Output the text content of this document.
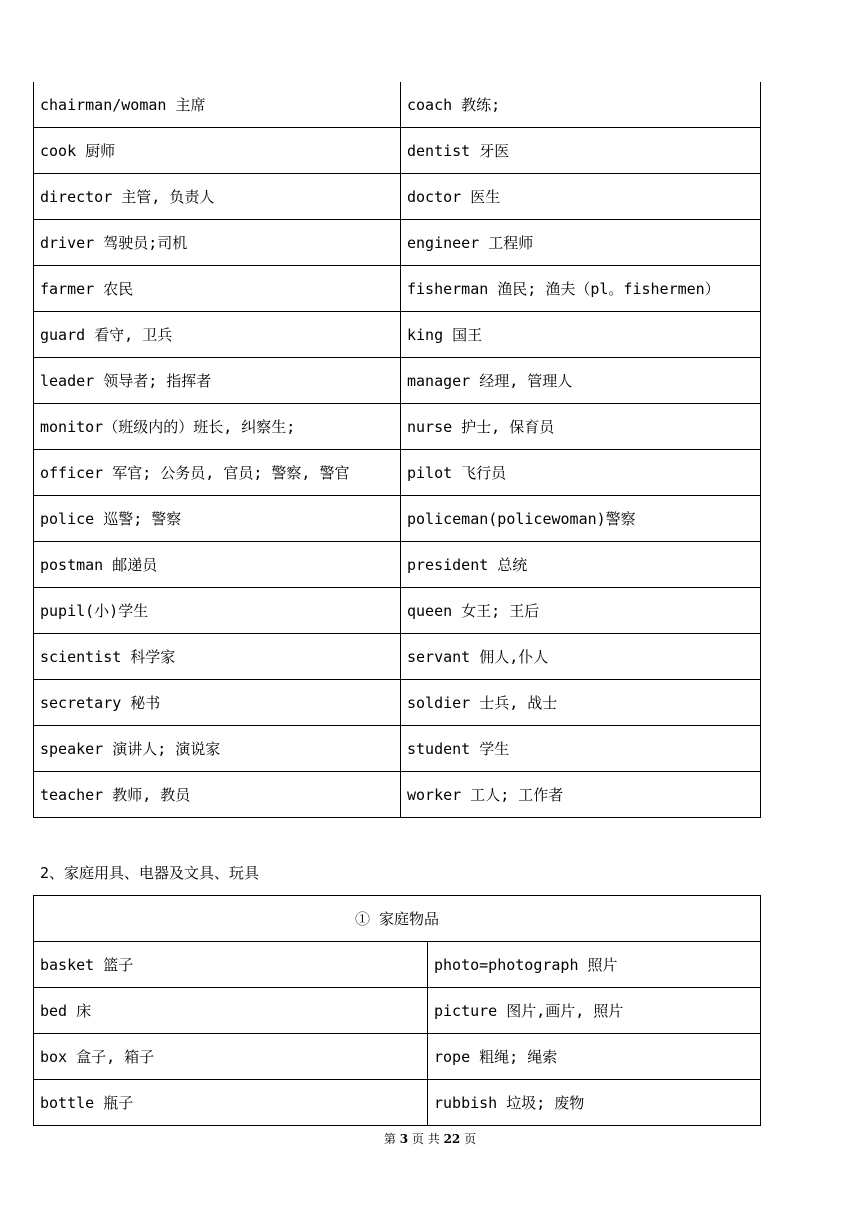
chairman/woman 主席	coach 教练;
cook 厨师	dentist 牙医
director 主管, 负责人	doctor 医生
driver 驾驶员;司机	engineer 工程师
farmer 农民	fisherman 渔民; 渔夫（pl。fishermen）
guard 看守, 卫兵	king 国王
leader 领导者; 指挥者	manager 经理, 管理人
monitor（班级内的）班长, 纠察生;	nurse 护士, 保育员
officer 军官; 公务员, 官员; 警察, 警官	pilot 飞行员
police 巡警; 警察	policeman(policewoman)警察
postman 邮递员	president 总统
pupil(小)学生	queen 女王; 王后
scientist 科学家	servant 佣人,仆人
secretary 秘书	soldier 士兵, 战士
speaker 演讲人; 演说家	student 学生
teacher 教师, 教员	worker 工人; 工作者
2、家庭用具、电器及文具、玩具
① 家庭物品	
basket 篮子	photo=photograph 照片
bed 床	picture 图片,画片, 照片
box 盒子, 箱子	rope 粗绳; 绳索
bottle 瓶子	rubbish 垃圾; 废物
第 3 页 共 22 页
